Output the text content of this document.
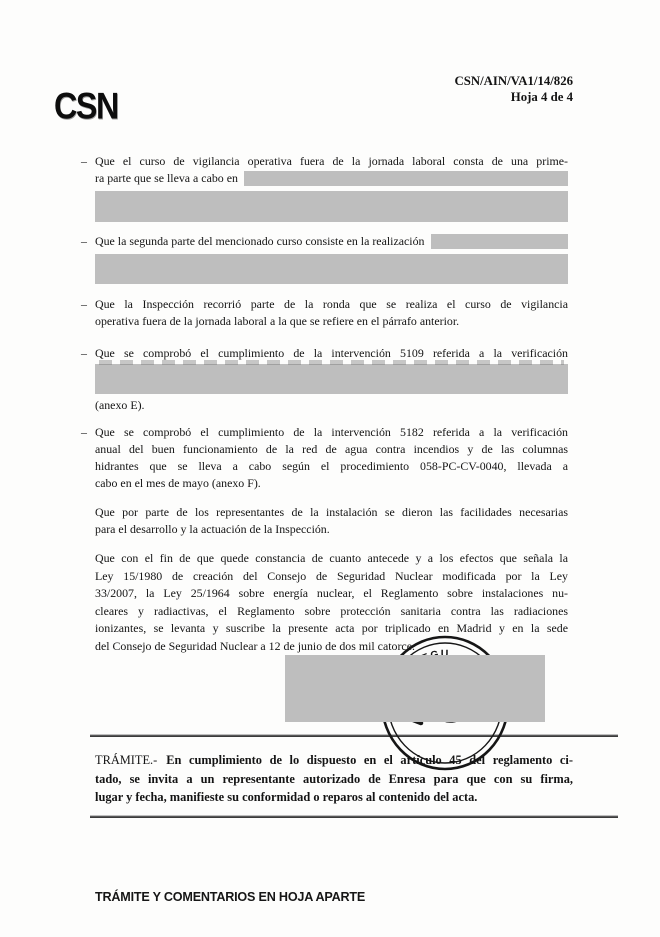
CSN
CSN/AIN/VA1/14/826
Hoja 4 de 4
– Que el curso de vigilancia operativa fuera de la jornada laboral consta de una prime-
ra parte que se lleva a cabo en
– Que la segunda parte del mencionado curso consiste en la realización
– Que la Inspección recorrió parte de la ronda que se realiza el curso de vigilancia
operativa fuera de la jornada laboral a la que se refiere en el párrafo anterior.
– Que se comprobó el cumplimiento de la intervención 5109 referida a la verificación
(anexo E).
– Que se comprobó el cumplimiento de la intervención 5182 referida a la verificación
anual del buen funcionamiento de la red de agua contra incendios y de las columnas
hidrantes que se lleva a cabo según el procedimiento 058-PC-CV-0040, llevada a
cabo en el mes de mayo (anexo F).
Que por parte de los representantes de la instalación se dieron las facilidades necesarias
para el desarrollo y la actuación de la Inspección.
Que con el fin de que quede constancia de cuanto antecede y a los efectos que señala la
Ley 15/1980 de creación del Consejo de Seguridad Nuclear modificada por la Ley
33/2007, la Ley 25/1964 sobre energía nuclear, el Reglamento sobre instalaciones nu-
cleares y radiactivas, el Reglamento sobre protección sanitaria contra las radiaciones
ionizantes, se levanta y suscribe la presente acta por triplicado en Madrid y en la sede
del Consejo de Seguridad Nuclear a 12 de junio de dos mil catorce.
TRÁMITE.- En cumplimiento de lo dispuesto en el artículo 45 del reglamento ci-
tado, se invita a un representante autorizado de Enresa para que con su firma,
lugar y fecha, manifieste su conformidad o reparos al contenido del acta.
TRÁMITE Y COMENTARIOS EN HOJA APARTE
